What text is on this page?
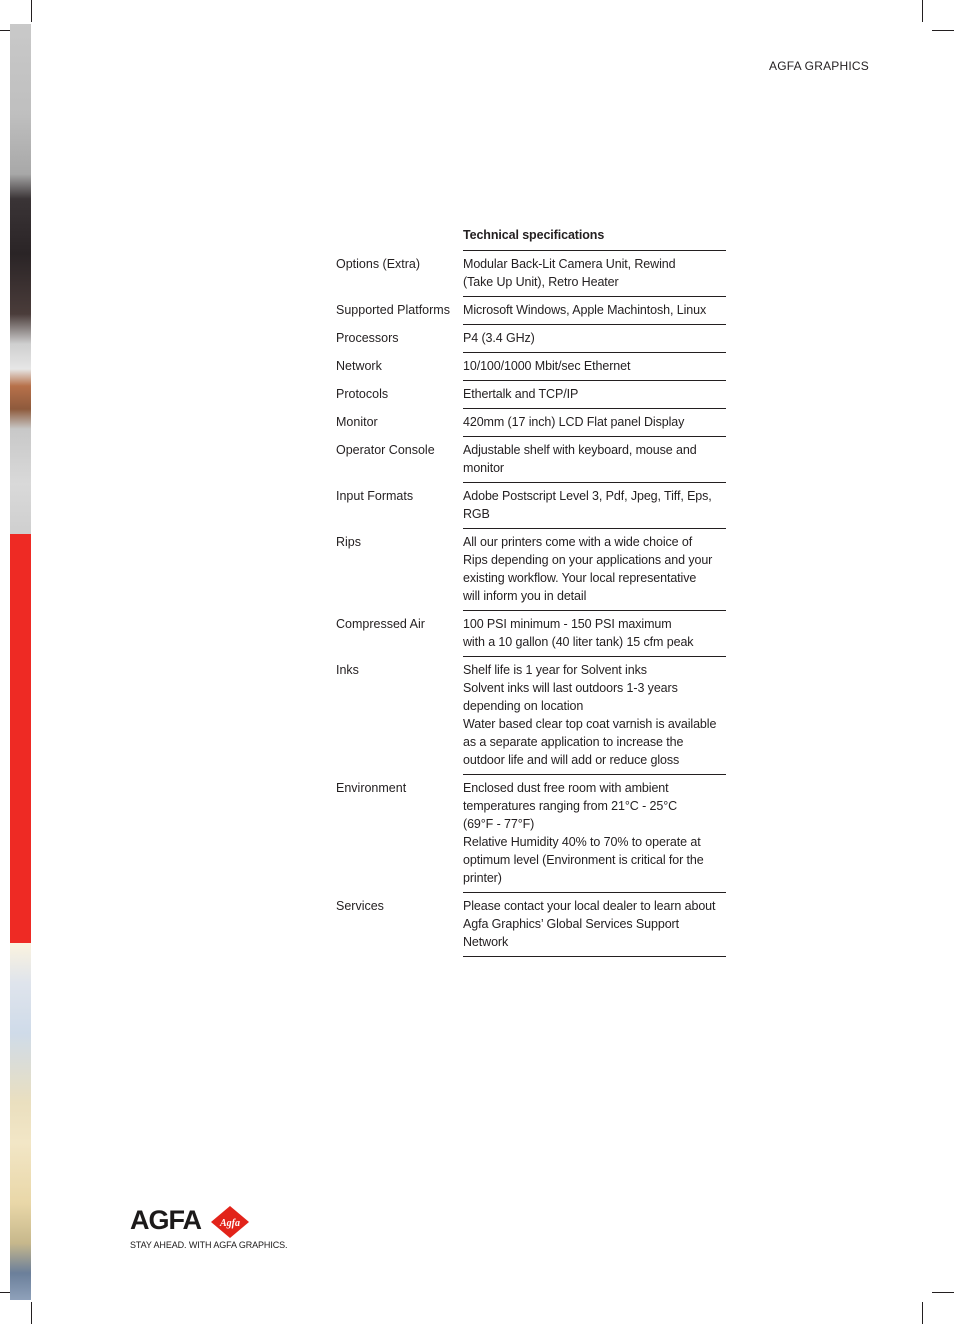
AGFA GRAPHICS
Technical specifications
Options (Extra)	Modular Back-Lit Camera Unit, Rewind
(Take Up Unit), Retro Heater
Supported Platforms	Microsoft Windows, Apple Machintosh, Linux
Processors	P4 (3.4 GHz)
Network	10/100/1000 Mbit/sec Ethernet
Protocols	Ethertalk and TCP/IP
Monitor	420mm (17 inch) LCD Flat panel Display
Operator Console	Adjustable shelf with keyboard, mouse and
monitor
Input Formats	Adobe Postscript Level 3, Pdf, Jpeg, Tiff, Eps,
RGB
Rips	All our printers come with a wide choice of
Rips depending on your applications and your
existing workflow. Your local representative
will inform you in detail
Compressed Air	100 PSI minimum - 150 PSI maximum
with a 10 gallon (40 liter tank) 15 cfm peak
Inks	Shelf life is 1 year for Solvent inks
Solvent inks will last outdoors 1-3 years
depending on location
Water based clear top coat varnish is available
as a separate application to increase the
outdoor life and will add or reduce gloss
Environment	Enclosed dust free room with ambient
temperatures ranging from 21°C - 25°C
(69°F - 77°F)
Relative Humidity 40% to 70% to operate at
optimum level (Environment is critical for the
printer)
Services	Please contact your local dealer to learn about
Agfa Graphics’ Global Services Support
Network
AGFA Agfa
STAY AHEAD. WITH AGFA GRAPHICS.
